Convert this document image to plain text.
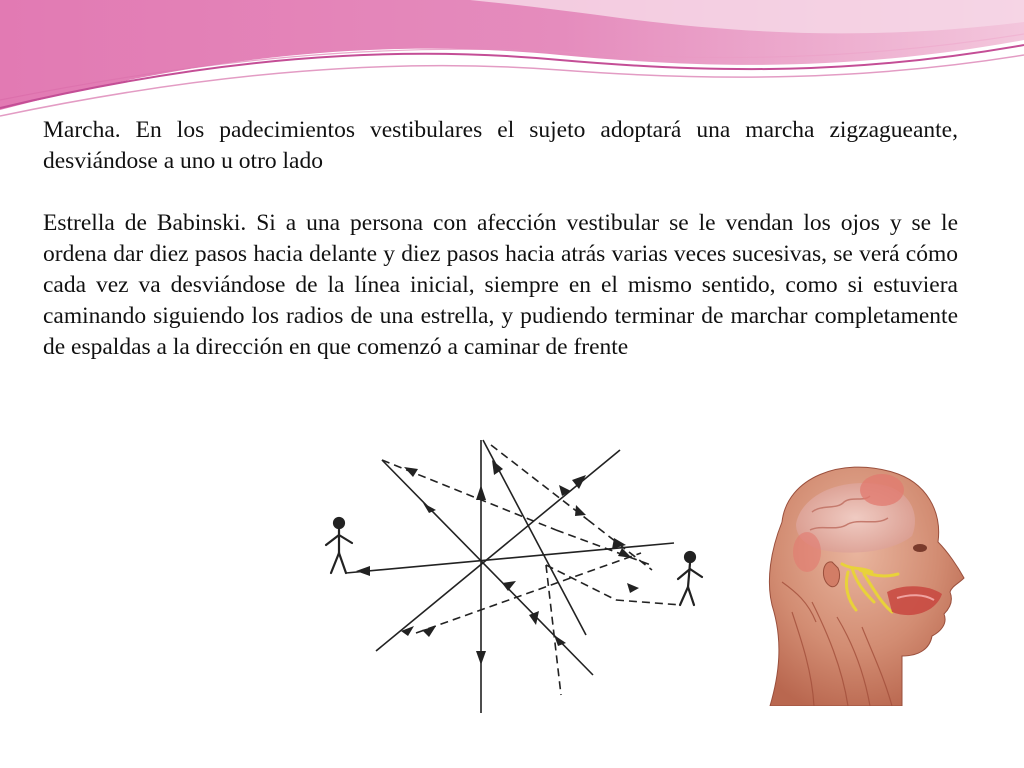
Marcha. En los padecimientos vestibulares el sujeto adoptará una marcha zigzagueante, desviándose a uno u otro lado

Estrella de Babinski. Si a una persona con afección vestibular se le vendan los ojos y se le ordena dar diez pasos hacia delante y diez pasos hacia atrás varias veces sucesivas, se verá cómo cada vez va desviándose de la línea inicial, siempre en el mismo sentido, como si estuviera caminando siguiendo los radios de una estrella, y pudiendo terminar de marchar completamente de espaldas a la dirección en que comenzó a caminar de frente
